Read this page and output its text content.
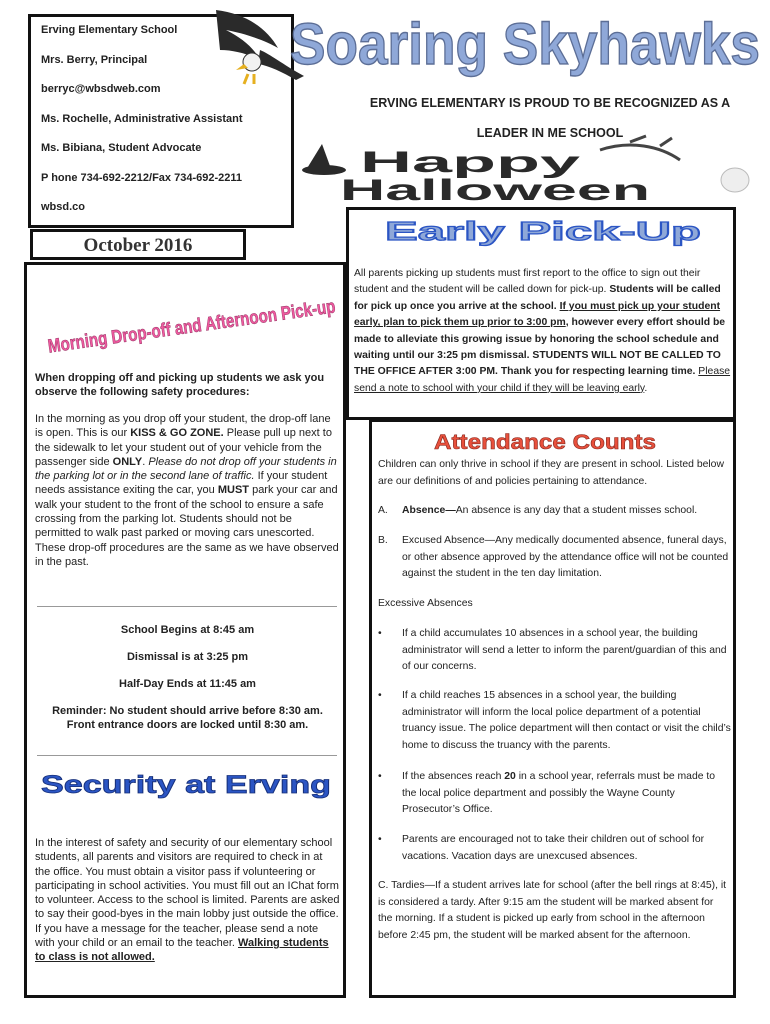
Erving Elementary School
Mrs. Berry, Principal
berryc@wbsdweb.com
Ms. Rochelle, Administrative Assistant
Ms. Bibiana, Student Advocate
P hone 734-692-2212/Fax 734-692-2211
wbsd.co
Soaring Skyhawks
ERVING ELEMENTARY IS PROUD TO BE RECOGNIZED AS A
LEADER IN ME SCHOOL
Happy
Halloween
October 2016
Morning Drop-off and Afternoon Pick-up
When dropping off and picking up students we ask you observe the following safety procedures:
In the morning as you drop off your student, the drop-off lane is open. This is our KISS & GO ZONE. Please pull up next to the sidewalk to let your student out of your vehicle from the passenger side ONLY. Please do not drop off your students in the parking lot or in the second lane of traffic. If your student needs assistance exiting the car, you MUST park your car and walk your student to the front of the school to ensure a safe crossing from the parking lot. Students should not be permitted to walk past parked or moving cars unescorted. These drop-off procedures are the same as we have observed in the past.
School Begins at 8:45 am
Dismissal is at 3:25 pm
Half-Day Ends at 11:45 am
Reminder: No student should arrive before 8:30 am.
Front entrance doors are locked until 8:30 am.
Security at Erving
In the interest of safety and security of our elementary school students, all parents and visitors are required to check in at the office. You must obtain a visitor pass if volunteering or participating in school activities. You must fill out an IChat form to volunteer. Access to the school is limited. Parents are asked to say their good-byes in the main lobby just outside the office. If you have a message for the teacher, please send a note with your child or an email to the teacher. Walking students to class is not allowed.
Early Pick-Up
All parents picking up students must first report to the office to sign out their student and the student will be called down for pick-up. Students will be called for pick up once you arrive at the school. If you must pick up your student early, plan to pick them up prior to 3:00 pm, however every effort should be made to alleviate this growing issue by honoring the school schedule and waiting until our 3:25 pm dismissal. STUDENTS WILL NOT BE CALLED TO THE OFFICE AFTER 3:00 PM. Thank you for respecting learning time. Please send a note to school with your child if they will be leaving early.
Attendance Counts
Children can only thrive in school if they are present in school. Listed below are our definitions of and policies pertaining to attendance.
A.	Absence—An absence is any day that a student misses school.
B.	Excused Absence—Any medically documented absence, funeral days, or other absence approved by the attendance office will not be counted against the student in the ten day limitation.
Excessive Absences
•	If a child accumulates 10 absences in a school year, the building administrator will send a letter to inform the parent/guardian of this and of our concerns.
•	If a child reaches 15 absences in a school year, the building administrator will inform the local police department of a potential truancy issue. The police department will then contact or visit the child’s home to discuss the truancy with the parents.
•	If the absences reach 20 in a school year, referrals must be made to the local police department and possibly the Wayne County Prosecutor’s Office.
•	Parents are encouraged not to take their children out of school for vacations. Vacation days are unexcused absences.
C. Tardies—If a student arrives late for school (after the bell rings at 8:45), it is considered a tardy. After 9:15 am the student will be marked absent for the morning. If a student is picked up early from school in the afternoon before 2:45 pm, the student will be marked absent for the afternoon.
